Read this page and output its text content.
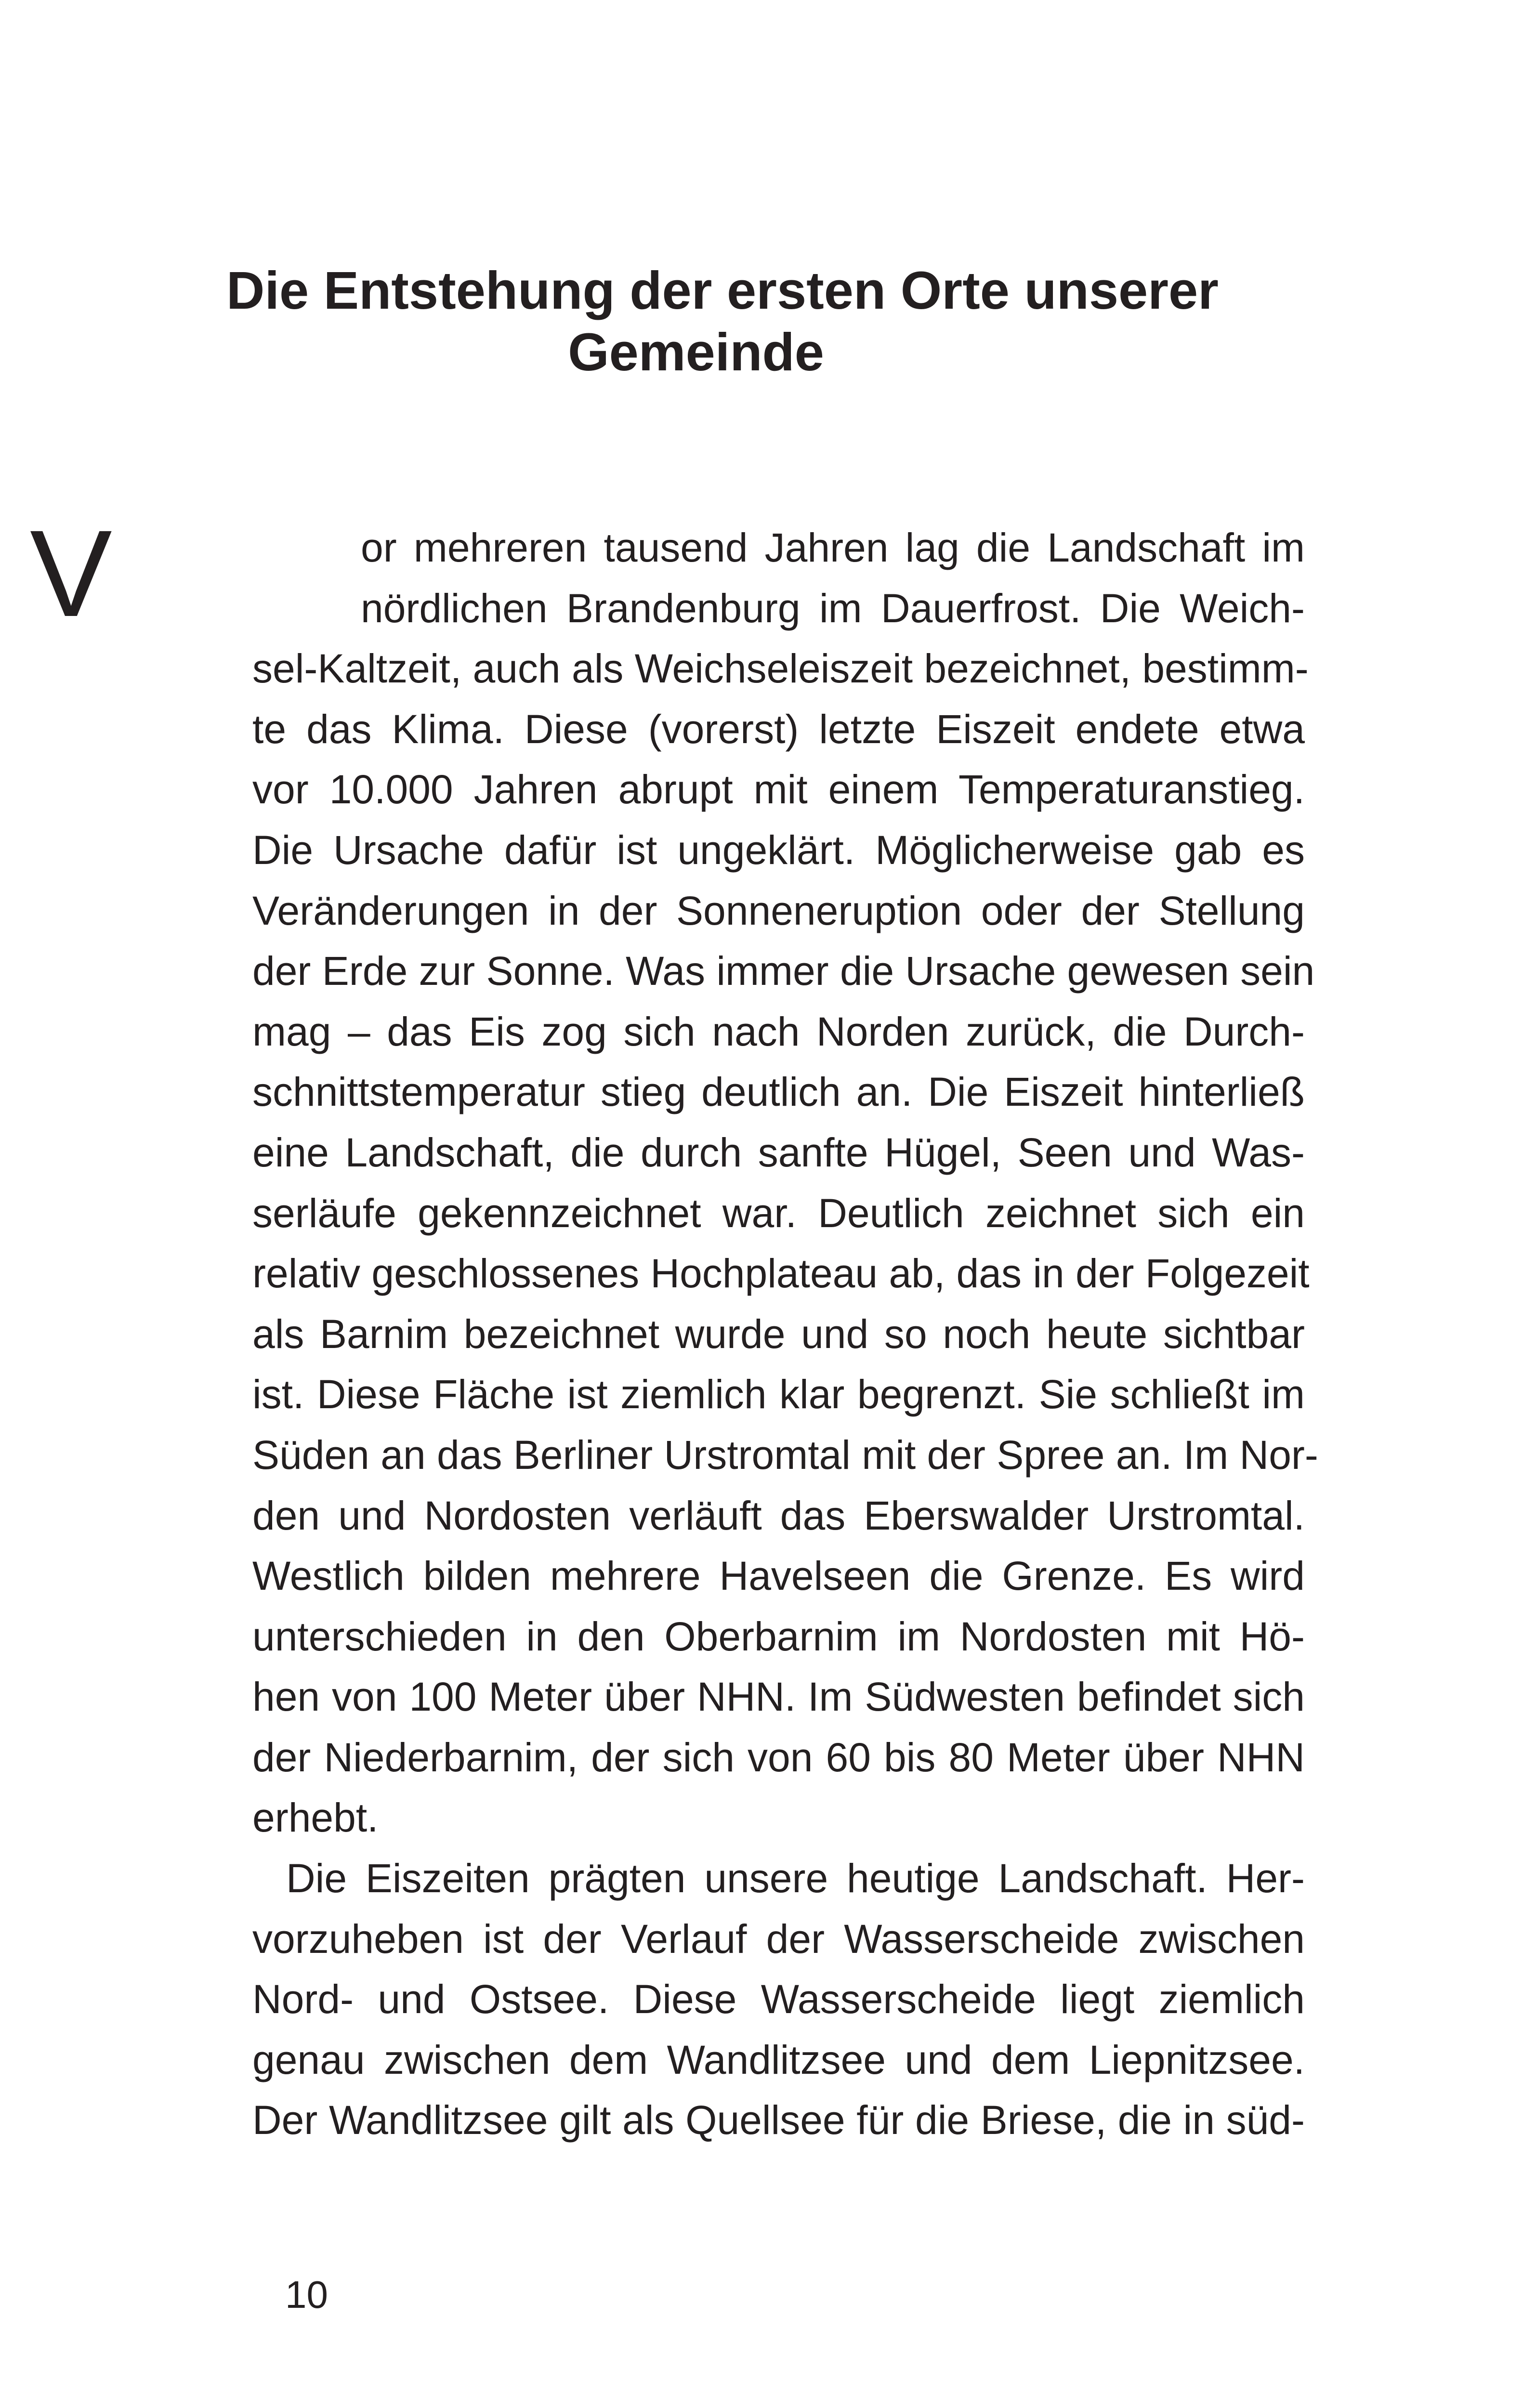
Die Entstehung der ersten Orte unserer
Gemeinde
V	or mehreren tausend Jahren lag die Landschaft im
nördlichen Brandenburg im Dauerfrost. Die Weich-
sel-Kaltzeit, auch als Weichseleiszeit bezeichnet, bestimm-
te das Klima. Diese (vorerst) letzte Eiszeit endete etwa
vor 10.000 Jahren abrupt mit einem Temperaturanstieg.
Die Ursache dafür ist ungeklärt. Möglicherweise gab es
Veränderungen in der Sonneneruption oder der Stellung
der Erde zur Sonne. Was immer die Ursache gewesen sein
mag – das Eis zog sich nach Norden zurück, die Durch-
schnittstemperatur stieg deutlich an. Die Eiszeit hinterließ
eine Landschaft, die durch sanfte Hügel, Seen und Was-
serläufe gekennzeichnet war. Deutlich zeichnet sich ein
relativ geschlossenes Hochplateau ab, das in der Folgezeit
als Barnim bezeichnet wurde und so noch heute sichtbar
ist. Diese Fläche ist ziemlich klar begrenzt. Sie schließt im
Süden an das Berliner Urstromtal mit der Spree an. Im Nor-
den und Nordosten verläuft das Eberswalder Urstromtal.
Westlich bilden mehrere Havelseen die Grenze. Es wird
unterschieden in den Oberbarnim im Nordosten mit Hö-
hen von 100 Meter über NHN. Im Südwesten befindet sich
der Niederbarnim, der sich von 60 bis 80 Meter über NHN
erhebt.
Die Eiszeiten prägten unsere heutige Landschaft. Her-
vorzuheben ist der Verlauf der Wasserscheide zwischen
Nord- und Ostsee. Diese Wasserscheide liegt ziemlich
genau zwischen dem Wandlitzsee und dem Liepnitzsee.
Der Wandlitzsee gilt als Quellsee für die Briese, die in süd-
10
